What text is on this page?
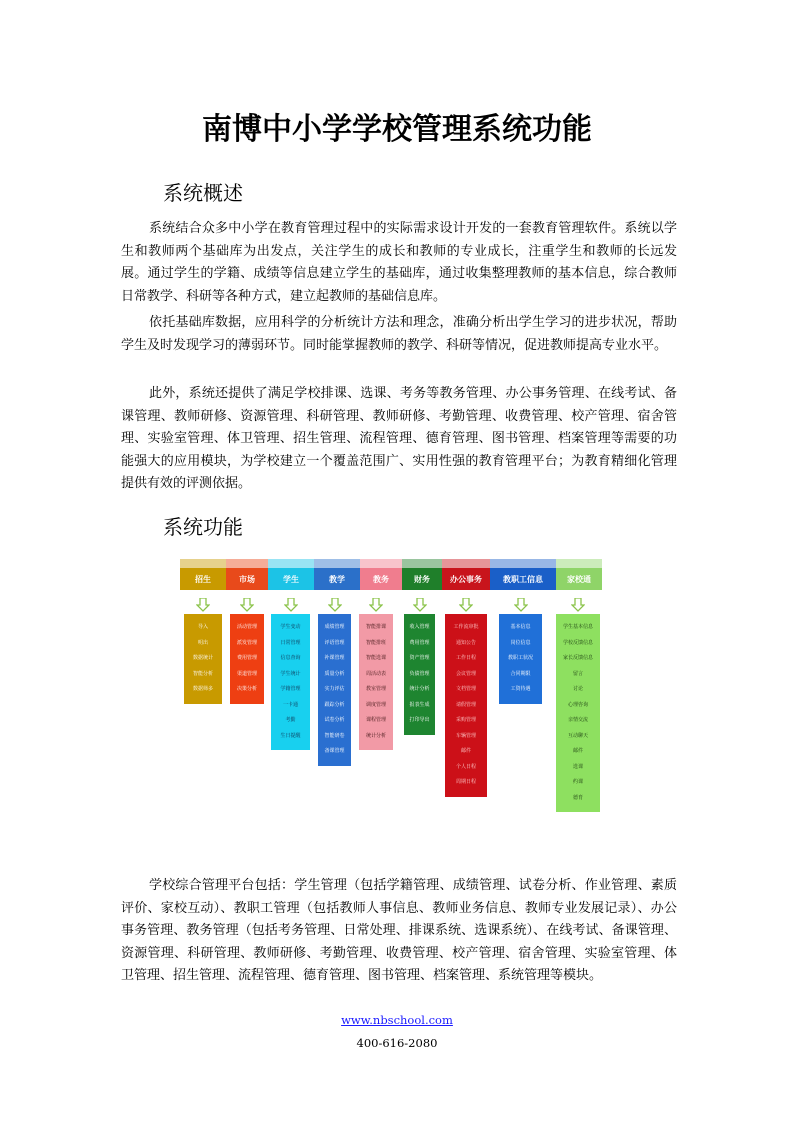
南博中小学学校管理系统功能
系统概述

系统结合众多中小学在教育管理过程中的实际需求设计开发的一套教育管理软件。系统以学生和教师两个基础库为出发点，关注学生的成长和教师的专业成长，注重学生和教师的长远发展。通过学生的学籍、成绩等信息建立学生的基础库，通过收集整理教师的基本信息，综合教师日常教学、科研等各种方式，建立起教师的基础信息库。

依托基础库数据，应用科学的分析统计方法和理念，准确分析出学生学习的进步状况，帮助学生及时发现学习的薄弱环节。同时能掌握教师的教学、科研等情况，促进教师提高专业水平。

此外，系统还提供了满足学校排课、选课、考务等教务管理、办公事务管理、在线考试、备课管理、教师研修、资源管理、科研管理、教师研修、考勤管理、收费管理、校产管理、宿舍管理、实验室管理、体卫管理、招生管理、流程管理、德育管理、图书管理、档案管理等需要的功能强大的应用模块，为学校建立一个覆盖范围广、实用性强的教育管理平台；为教育精细化管理提供有效的评测依据。

系统功能
招生
导入
明出
数据统计
智能分析
数据筛多
市场
活动管理
派发管理
费用管理
渠道管理
决策分析
学生
学生变动
日常管理
信息查询
学生统计
学籍管理
一卡通
考勤
生日提醒
教学
成绩管理
评语管理
补课管理
质量分析
实力评估
跟踪分析
试卷分析
智能研卷
备课管理
教务
智能排课
智能排班
智能选课
周活动表
教室管理
调度管理
课程管理
统计分析
财务
收入管理
费用管理
资产管理
负债管理
统计分析
报表生成
打印导出
办公事务
工作流审批
通知公告
工作日程
会议管理
文档管理
请假管理
采购管理
车辆管理
邮件
个人日程
周期日程
教职工信息
基本信息
岗位信息
教职工状况
合同期限
工资待遇
家校通
学生基本信息
学校反馈信息
家长反馈信息
留言
讨论
心理咨询
亲情交流
互动聊天
邮件
选课
约课
德育

学校综合管理平台包括：学生管理（包括学籍管理、成绩管理、试卷分析、作业管理、素质评价、家校互动）、教职工管理（包括教师人事信息、教师业务信息、教师专业发展记录）、办公事务管理、教务管理（包括考务管理、日常处理、排课系统、选课系统）、在线考试、备课管理、资源管理、科研管理、教师研修、考勤管理、收费管理、校产管理、宿舍管理、实验室管理、体卫管理、招生管理、流程管理、德育管理、图书管理、档案管理、系统管理等模块。

www.nbschool.com
400-616-2080
